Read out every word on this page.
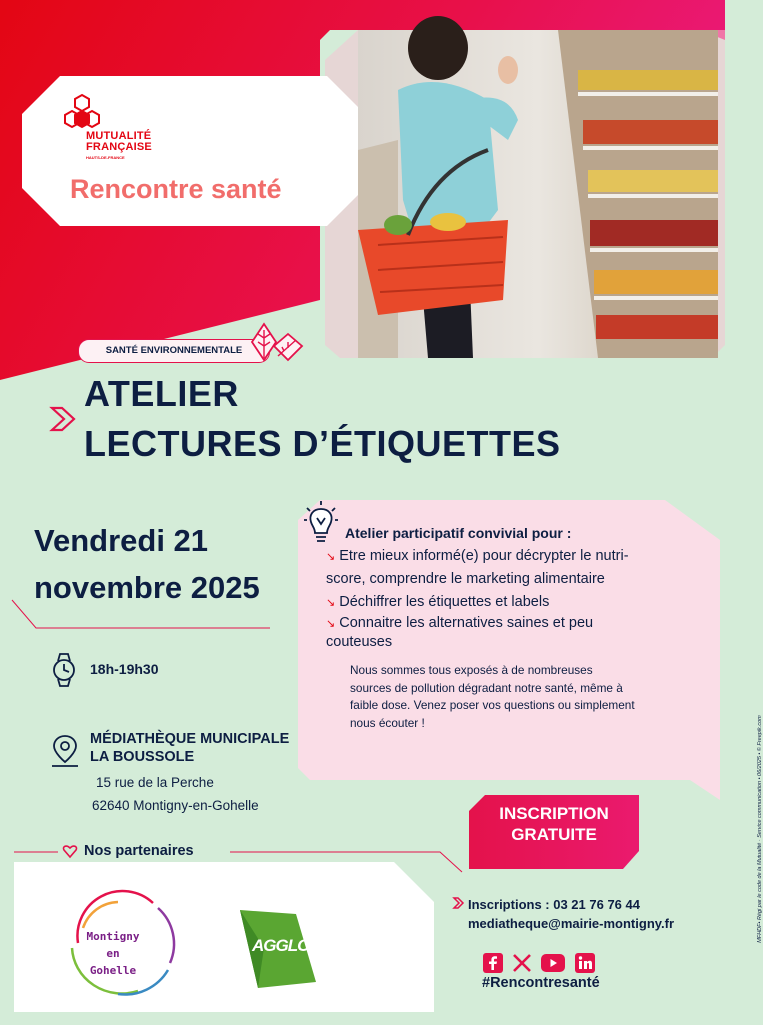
MUTUALITÉ FRANÇAISE
HAUTS-DE-FRANCE
Rencontre santé
SANTÉ ENVIRONNEMENTALE
ATELIER
LECTURES D’ÉTIQUETTES
Vendredi 21
novembre 2025
Atelier participatif convivial pour :
↘ Etre mieux informé(e) pour décrypter le nutri-
score, comprendre le marketing alimentaire
↘ Déchiffrer les étiquettes et labels
↘ Connaitre les alternatives saines et peu
couteuses
Nous sommes tous exposés à de nombreuses
sources de pollution dégradant notre santé, même à
faible dose. Venez poser vos questions ou simplement
nous écouter !
18h-19h30
MÉDIATHÈQUE MUNICIPALE
LA BOUSSOLE
15 rue de la Perche
62640 Montigny-en-Gohelle	INSCRIPTION
GRATUITE
Nos partenaires
Montigny
en
Gohelle
AGGLO
Inscriptions : 03 21 76 76 44
mediatheque@mairie-montigny.fr
#Rencontresanté
MFHDF• Régi par le code de la Mutualité · Service communication • 06/2025 • © Freepik.com
